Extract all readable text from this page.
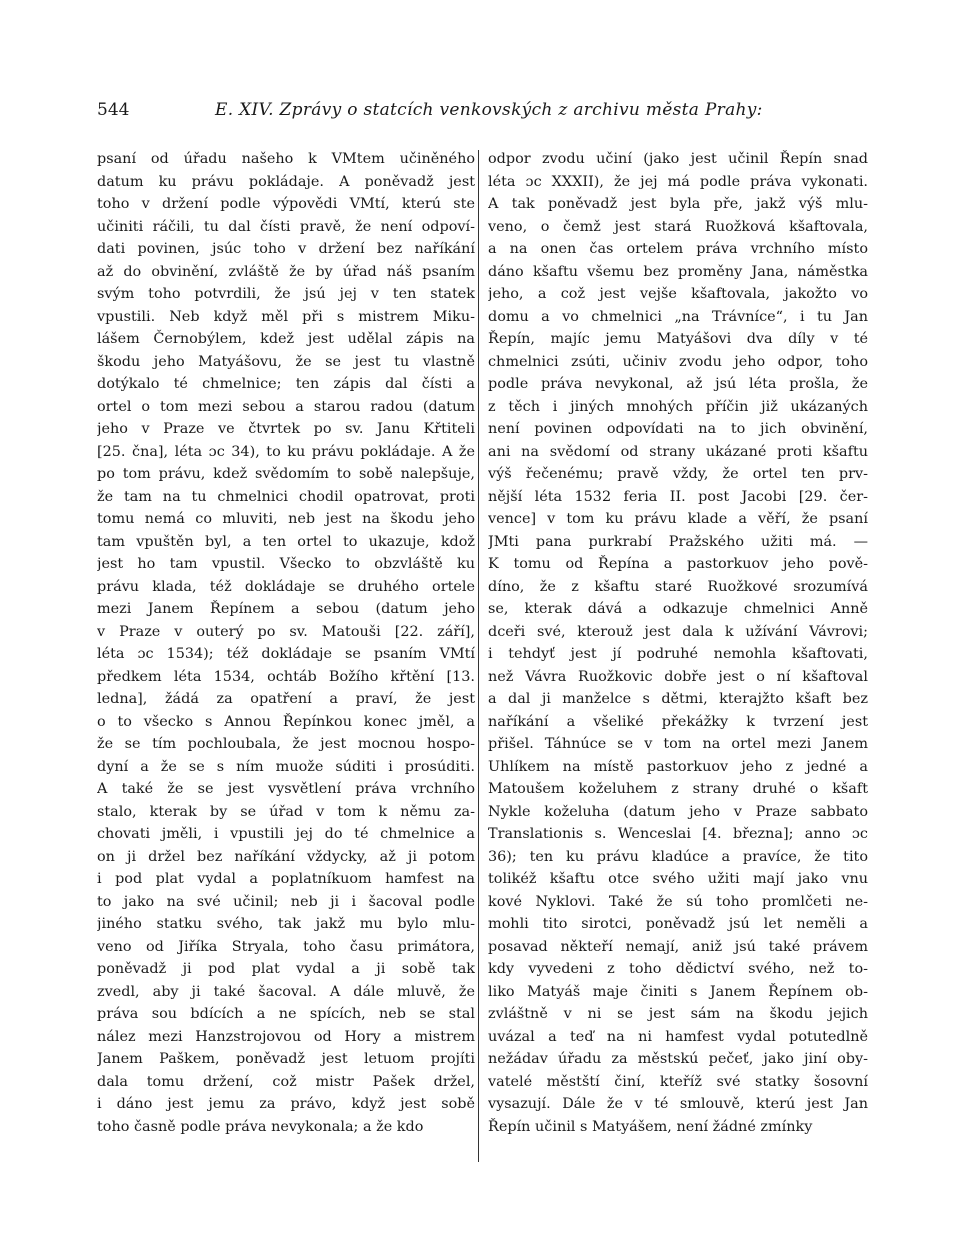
544	E. XIV. Zprávy o statcích venkovských z archivu města Prahy:
psaní od úřadu našeho k VMtem učiněného
datum ku právu pokládaje. A poněvadž jest
toho v držení podle výpovědi VMtí, kterú ste
učiniti ráčili, tu dal čísti pravě, že není odpoví-
dati povinen, jsúc toho v držení bez naříkání
až do obvinění, zvláště že by úřad náš psaním
svým toho potvrdili, že jsú jej v ten statek
vpustili. Neb když měl při s mistrem Miku-
lášem Černobýlem, kdež jest udělal zápis na
škodu jeho Matyášovu, že se jest tu vlastně
dotýkalo té chmelnice; ten zápis dal čísti a
ortel o tom mezi sebou a starou radou (datum
jeho v Praze ve čtvrtek po sv. Janu Křtiteli
[25. čna], léta ɔc 34), to ku právu pokládaje. A že
po tom právu, kdež svědomím to sobě nalepšuje,
že tam na tu chmelnici chodil opatrovat, proti
tomu nemá co mluviti, neb jest na škodu jeho
tam vpuštěn byl, a ten ortel to ukazuje, kdož
jest ho tam vpustil. Všecko to obzvláště ku
právu klada, též dokládaje se druhého ortele
mezi Janem Řepínem a sebou (datum jeho
v Praze v outerý po sv. Matouši [22. září],
léta ɔc 1534); též dokládaje se psaním VMtí
předkem léta 1534, ochtáb Božího křtění [13.
ledna], žádá za opatření a praví, že jest
o to všecko s Annou Řepínkou konec jměl, a
že se tím pochloubala, že jest mocnou hospo-
dyní a že se s ním muože súditi i prosúditi.
A také že se jest vysvětlení práva vrchního
stalo, kterak by se úřad v tom k němu za-
chovati jměli, i vpustili jej do té chmelnice a
on ji držel bez naříkání vždycky, až ji potom
i pod plat vydal a poplatníkuom hamfest na
to jako na své učinil; neb ji i šacoval podle
jiného statku svého, tak jakž mu bylo mlu-
veno od Jiříka Stryala, toho času primátora,
poněvadž ji pod plat vydal a ji sobě tak
zvedl, aby ji také šacoval. A dále mluvě, že
práva sou bdících a ne spících, neb se stal
nález mezi Hanzstrojovou od Hory a mistrem
Janem Paškem, poněvadž jest letuom projíti
dala tomu držení, což mistr Pašek držel,
i dáno jest jemu za právo, když jest sobě
toho časně podle práva nevykonala; a že kdo
odpor zvodu učiní (jako jest učinil Řepín snad
léta ɔc XXXII), že jej má podle práva vykonati.
A tak poněvadž jest byla pře, jakž výš mlu-
veno, o čemž jest stará Ruožková kšaftovala,
a na onen čas ortelem práva vrchního místo
dáno kšaftu všemu bez proměny Jana, náměstka
jeho, a což jest vejše kšaftovala, jakožto vo
domu a vo chmelnici „na Trávníce“, i tu Jan
Řepín, majíc jemu Matyášovi dva díly v té
chmelnici zsúti, učiniv zvodu jeho odpor, toho
podle práva nevykonal, až jsú léta prošla, že
z těch i jiných mnohých příčin již ukázaných
není povinen odpovídati na to jich obvinění,
ani na svědomí od strany ukázané proti kšaftu
výš řečenému; pravě vždy, že ortel ten prv-
nější léta 1532 feria II. post Jacobi [29. čer-
vence] v tom ku právu klade a věří, že psaní
JMti pana purkrabí Pražského užiti má. —
K tomu od Řepína a pastorkuov jeho pově-
díno, že z kšaftu staré Ruožkové srozumívá
se, kterak dává a odkazuje chmelnici Anně
dceři své, kterouž jest dala k užívání Vávrovi;
i tehdyť jest jí podruhé nemohla kšaftovati,
než Vávra Ruožkovic dobře jest o ní kšaftoval
a dal ji manželce s dětmi, kterajžto kšaft bez
naříkání a všeliké překážky k tvrzení jest
přišel. Táhnúce se v tom na ortel mezi Janem
Uhlíkem na místě pastorkuov jeho z jedné a
Matoušem koželuhem z strany druhé o kšaft
Nykle koželuha (datum jeho v Praze sabbato
Translationis s. Wenceslai [4. března]; anno ɔc
36); ten ku právu kladúce a pravíce, že tito
tolikéž kšaftu otce svého užiti mají jako vnu
kové Nyklovi. Také že sú toho promlčeti ne-
mohli tito sirotci, poněvadž jsú let neměli a
posavad někteří nemají, aniž jsú také právem
kdy vyvedeni z toho dědictví svého, než to-
liko Matyáš maje činiti s Janem Řepínem ob-
zvláštně v ni se jest sám na škodu jejich
uvázal a teď na ni hamfest vydal potutedlně
nežádav úřadu za městskú pečeť, jako jiní oby-
vatelé městští činí, kteříž své statky šosovní
vysazují. Dále že v té smlouvě, kterú jest Jan
Řepín učinil s Matyášem, není žádné zmínky
